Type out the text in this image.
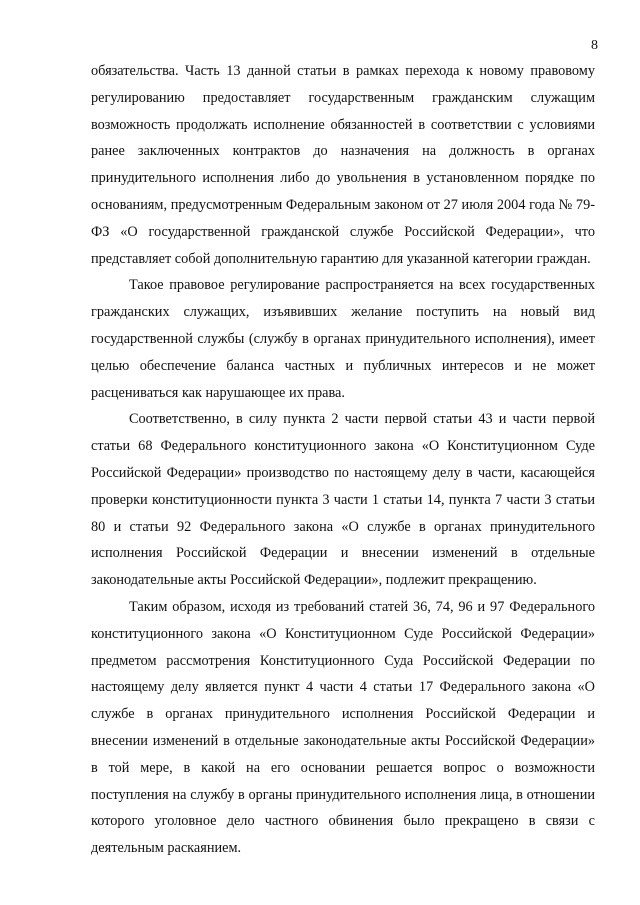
8

обязательства. Часть 13 данной статьи в рамках перехода к новому правовому регулированию предоставляет государственным гражданским служащим возможность продолжать исполнение обязанностей в соответствии с условиями ранее заключенных контрактов до назначения на должность в органах принудительного исполнения либо до увольнения в установленном порядке по основаниям, предусмотренным Федеральным законом от 27 июля 2004 года № 79-ФЗ «О государственной гражданской службе Российской Федерации», что представляет собой дополнительную гарантию для указанной категории граждан.

Такое правовое регулирование распространяется на всех государственных гражданских служащих, изъявивших желание поступить на новый вид государственной службы (службу в органах принудительного исполнения), имеет целью обеспечение баланса частных и публичных интересов и не может расцениваться как нарушающее их права.

Соответственно, в силу пункта 2 части первой статьи 43 и части первой статьи 68 Федерального конституционного закона «О Конституционном Суде Российской Федерации» производство по настоящему делу в части, касающейся проверки конституционности пункта 3 части 1 статьи 14, пункта 7 части 3 статьи 80 и статьи 92 Федерального закона «О службе в органах принудительного исполнения Российской Федерации и внесении изменений в отдельные законодательные акты Российской Федерации», подлежит прекращению.

Таким образом, исходя из требований статей 36, 74, 96 и 97 Федерального конституционного закона «О Конституционном Суде Российской Федерации» предметом рассмотрения Конституционного Суда Российской Федерации по настоящему делу является пункт 4 части 4 статьи 17 Федерального закона «О службе в органах принудительного исполнения Российской Федерации и внесении изменений в отдельные законодательные акты Российской Федерации» в той мере, в какой на его основании решается вопрос о возможности поступления на службу в органы принудительного исполнения лица, в отношении которого уголовное дело частного обвинения было прекращено в связи с деятельным раскаянием.
